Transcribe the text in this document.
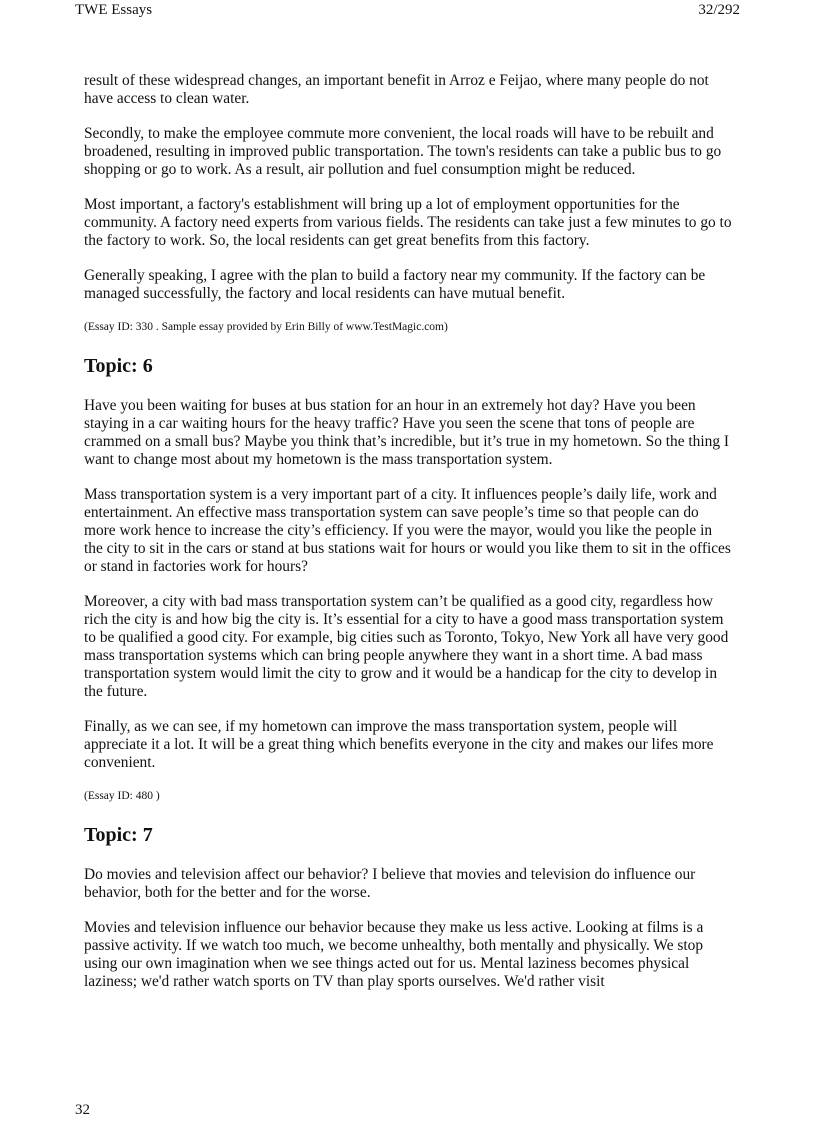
TWE Essays	32/292

result of these widespread changes, an important benefit in Arroz e Feijao, where many people do not have access to clean water.

Secondly, to make the employee commute more convenient, the local roads will have to be rebuilt and broadened, resulting in improved public transportation. The town's residents can take a public bus to go shopping or go to work. As a result, air pollution and fuel consumption might be reduced.

Most important, a factory's establishment will bring up a lot of employment opportunities for the community. A factory need experts from various fields. The residents can take just a few minutes to go to the factory to work. So, the local residents can get great benefits from this factory.

Generally speaking, I agree with the plan to build a factory near my community. If the factory can be managed successfully, the factory and local residents can have mutual benefit.

(Essay ID: 330 . Sample essay provided by Erin Billy of www.TestMagic.com)

Topic: 6

Have you been waiting for buses at bus station for an hour in an extremely hot day? Have you been staying in a car waiting hours for the heavy traffic? Have you seen the scene that tons of people are crammed on a small bus? Maybe you think that’s incredible, but it’s true in my hometown. So the thing I want to change most about my hometown is the mass transportation system.

Mass transportation system is a very important part of a city. It influences people’s daily life, work and entertainment. An effective mass transportation system can save people’s time so that people can do more work hence to increase the city’s efficiency. If you were the mayor, would you like the people in the city to sit in the cars or stand at bus stations wait for hours or would you like them to sit in the offices or stand in factories work for hours?

Moreover, a city with bad mass transportation system can’t be qualified as a good city, regardless how rich the city is and how big the city is. It’s essential for a city to have a good mass transportation system to be qualified a good city. For example, big cities such as Toronto, Tokyo, New York all have very good mass transportation systems which can bring people anywhere they want in a short time. A bad mass transportation system would limit the city to grow and it would be a handicap for the city to develop in the future.

Finally, as we can see, if my hometown can improve the mass transportation system, people will appreciate it a lot. It will be a great thing which benefits everyone in the city and makes our lifes more convenient.

(Essay ID: 480 )

Topic: 7

Do movies and television affect our behavior? I believe that movies and television do influence our behavior, both for the better and for the worse.

Movies and television influence our behavior because they make us less active. Looking at films is a passive activity. If we watch too much, we become unhealthy, both mentally and physically. We stop using our own imagination when we see things acted out for us. Mental laziness becomes physical laziness; we'd rather watch sports on TV than play sports ourselves. We'd rather visit

32
